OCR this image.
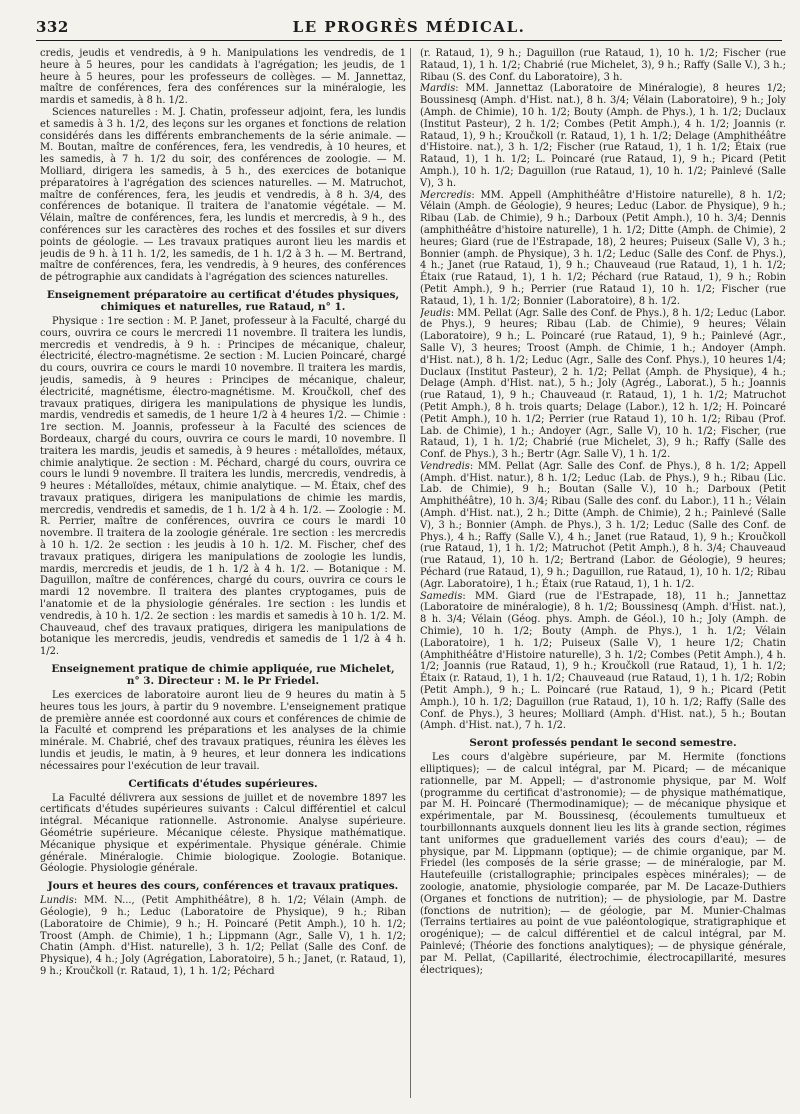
332	LE PROGRÈS MÉDICAL.

credis, jeudis et vendredis, à 9 h. Manipulations les vendredis, de 1 heure à 5 heures, pour les candidats à l'agrégation; les jeudis, de 1 heure à 5 heures, pour les professeurs de collèges. — M. Jannettaz, maître de conférences, fera des conférences sur la minéralogie, les mardis et samedis, à 8 h. 1/2.

Sciences naturelles : M. J. Chatin, professeur adjoint, fera, les lundis et samedis à 3 h. 1/2, des leçons sur les organes et fonctions de relation considérés dans les différents embranchements de la série animale. — M. Boutan, maître de conférences, fera, les vendredis, à 10 heures, et les samedis, à 7 h. 1/2 du soir, des conférences de zoologie. — M. Molliard, dirigera les samedis, à 5 h., des exercices de botanique préparatoires à l'agrégation des sciences naturelles. — M. Matruchot, maître de conférences, fera, les jeudis et vendredis, à 8 h. 3/4, des conférences de botanique. Il traitera de l'anatomie végétale. — M. Vélain, maître de conférences, fera, les lundis et mercredis, à 9 h., des conférences sur les caractères des roches et des fossiles et sur divers points de géologie. — Les travaux pratiques auront lieu les mardis et jeudis de 9 h. à 11 h. 1/2, les samedis, de 1 h. 1/2 à 3 h. — M. Bertrand, maître de conférences, fera, les vendredis, à 9 heures, des conférences de pétrographie aux candidats à l'agrégation des sciences naturelles.

Enseignement préparatoire au certificat d'études physiques, chimiques et naturelles, rue Rataud, n° 1.

Physique : 1re section : M. P. Janet, professeur à la Faculté, chargé du cours, ouvrira ce cours le mercredi 11 novembre. Il traitera les lundis, mercredis et vendredis, à 9 h. : Principes de mécanique, chaleur, électricité, électro-magnétisme. 2e section : M. Lucien Poincaré, chargé du cours, ouvrira ce cours le mardi 10 novembre. Il traitera les mardis, jeudis, samedis, à 9 heures : Principes de mécanique, chaleur, électricité, magnétisme, électro-magnétisme. M. Kroučkoll, chef des travaux pratiques, dirigera les manipulations de physique les lundis, mardis, vendredis et samedis, de 1 heure 1/2 à 4 heures 1/2. — Chimie : 1re section. M. Joannis, professeur à la Faculté des sciences de Bordeaux, chargé du cours, ouvrira ce cours le mardi, 10 novembre. Il traitera les mardis, jeudis et samedis, à 9 heures : métalloïdes, métaux, chimie analytique. 2e section : M. Péchard, chargé du cours, ouvrira ce cours le lundi 9 novembre. Il traitera les lundis, mercredis, vendredis, à 9 heures : Métalloïdes, métaux, chimie analytique. — M. Étaix, chef des travaux pratiques, dirigera les manipulations de chimie les mardis, mercredis, vendredis et samedis, de 1 h. 1/2 à 4 h. 1/2. — Zoologie : M. R. Perrier, maître de conférences, ouvrira ce cours le mardi 10 novembre. Il traitera de la zoologie générale. 1re section : les mercredis à 10 h. 1/2. 2e section : les jeudis à 10 h. 1/2. M. Fischer, chef des travaux pratiques, dirigera les manipulations de zoologie les lundis, mardis, mercredis et jeudis, de 1 h. 1/2 à 4 h. 1/2. — Botanique : M. Daguillon, maître de conférences, chargé du cours, ouvrira ce cours le mardi 12 novembre. Il traitera des plantes cryptogames, puis de l'anatomie et de la physiologie générales. 1re section : les lundis et vendredis, à 10 h. 1/2. 2e section : les mardis et samedis à 10 h. 1/2. M. Chauveaud, chef des travaux pratiques, dirigera les manipulations de botanique les mercredis, jeudis, vendredis et samedis de 1 1/2 à 4 h. 1/2.

Enseignement pratique de chimie appliquée, rue Michelet, n° 3. Directeur : M. le Pr Friedel.

Les exercices de laboratoire auront lieu de 9 heures du matin à 5 heures tous les jours, à partir du 9 novembre. L'enseignement pratique de première année est coordonné aux cours et conférences de chimie de la Faculté et comprend les préparations et les analyses de la chimie minérale. M. Chabrié, chef des travaux pratiques, réunira les élèves les lundis et jeudis, le matin, à 9 heures, et leur donnera les indications nécessaires pour l'exécution de leur travail.

Certificats d'études supérieures.

La Faculté délivrera aux sessions de juillet et de novembre 1897 les certificats d'études supérieures suivants : Calcul différentiel et calcul intégral. Mécanique rationnelle. Astronomie. Analyse supérieure. Géométrie supérieure. Mécanique céleste. Physique mathématique. Mécanique physique et expérimentale. Physique générale. Chimie générale. Minéralogie. Chimie biologique. Zoologie. Botanique. Géologie. Physiologie générale.

Jours et heures des cours, conférences et travaux pratiques.

Lundis: MM. N..., (Petit Amphithéâtre), 8 h. 1/2; Vélain (Amph. de Géologie), 9 h.; Leduc (Laboratoire de Physique), 9 h.; Riban (Laboratoire de Chimie), 9 h.; H. Poincaré (Petit Amph.), 10 h. 1/2; Troost (Amph. de Chimie), 1 h.; Lippmann (Agr., Salle V), 1 h. 1/2; Chatin (Amph. d'Hist. naturelle), 3 h. 1/2; Pellat (Salle des Conf. de Physique), 4 h.; Joly (Agrégation, Laboratoire), 5 h.; Janet, (r. Rataud, 1), 9 h.; Kroučkoll (r. Rataud, 1), 1 h. 1/2; Péchard

(r. Rataud, 1), 9 h.; Daguillon (rue Rataud, 1), 10 h. 1/2; Fischer (rue Rataud, 1), 1 h. 1/2; Chabrié (rue Michelet, 3), 9 h.; Raffy (Salle V.), 3 h.; Ribau (S. des Conf. du Laboratoire), 3 h.

Mardis: MM. Jannettaz (Laboratoire de Minéralogie), 8 heures 1/2; Boussinesq (Amph. d'Hist. nat.), 8 h. 3/4; Vélain (Laboratoire), 9 h.; Joly (Amph. de Chimie), 10 h. 1/2; Bouty (Amph. de Phys.), 1 h. 1/2; Duclaux (Institut Pasteur), 2 h. 1/2; Combes (Petit Amph.), 4 h. 1/2; Joannis (r. Rataud, 1), 9 h.; Kroučkoll (r. Rataud, 1), 1 h. 1/2; Delage (Amphithéâtre d'Histoire. nat.), 3 h. 1/2; Fischer (rue Rataud, 1), 1 h. 1/2; Étaix (rue Rataud, 1), 1 h. 1/2; L. Poincaré (rue Rataud, 1), 9 h.; Picard (Petit Amph.), 10 h. 1/2; Daguillon (rue Rataud, 1), 10 h. 1/2; Painlevé (Salle V), 3 h.

Mercredis: MM. Appell (Amphithéâtre d'Histoire naturelle), 8 h. 1/2; Vélain (Amph. de Géologie), 9 heures; Leduc (Labor. de Physique), 9 h.; Ribau (Lab. de Chimie), 9 h.; Darboux (Petit Amph.), 10 h. 3/4; Dennis (amphithéâtre d'histoire naturelle), 1 h. 1/2; Ditte (Amph. de Chimie), 2 heures; Giard (rue de l'Estrapade, 18), 2 heures; Puiseux (Salle V), 3 h.; Bonnier (amph. de Physique), 3 h. 1/2; Leduc (Salle des Conf. de Phys.), 4 h.; Janet (rue Rataud, 1), 9 h.; Chauveaud (rue Rataud, 1), 1 h. 1/2; Étaix (rue Rataud, 1), 1 h. 1/2; Péchard (rue Rataud, 1), 9 h.; Robin (Petit Amph.), 9 h.; Perrier (rue Rataud 1), 10 h. 1/2; Fischer (rue Rataud, 1), 1 h. 1/2; Bonnier (Laboratoire), 8 h. 1/2.

Jeudis: MM. Pellat (Agr. Salle des Conf. de Phys.), 8 h. 1/2; Leduc (Labor. de Phys.), 9 heures; Ribau (Lab. de Chimie), 9 heures; Vélain (Laboratoire), 9 h.; L. Poincaré (rue Rataud, 1), 9 h.; Painlevé (Agr., Salle V), 3 heures; Troost (Amph. de Chimie, 1 h.; Andoyer (Amph. d'Hist. nat.), 8 h. 1/2; Leduc (Agr., Salle des Conf. Phys.), 10 heures 1/4; Duclaux (Institut Pasteur), 2 h. 1/2; Pellat (Amph. de Physique), 4 h.; Delage (Amph. d'Hist. nat.), 5 h.; Joly (Agrég., Laborat.), 5 h.; Joannis (rue Rataud, 1), 9 h.; Chauveaud (r. Rataud, 1), 1 h. 1/2; Matruchot (Petit Amph.), 8 h. trois quarts; Delage (Labor.), 12 h. 1/2; H. Poincaré (Petit Amph.), 10 h. 1/2; Perrier (rue Rataud 1), 10 h. 1/2; Ribau (Prof. Lab. de Chimie), 1 h.; Andoyer (Agr., Salle V), 10 h. 1/2; Fischer, (rue Rataud, 1), 1 h. 1/2; Chabrié (rue Michelet, 3), 9 h.; Raffy (Salle des Conf. de Phys.), 3 h.; Bertr (Agr. Salle V), 1 h. 1/2.

Vendredis: MM. Pellat (Agr. Salle des Conf. de Phys.), 8 h. 1/2; Appell (Amph. d'Hist. natur.), 8 h. 1/2; Leduc (Lab. de Phys.), 9 h.; Ribau (Lic. Lab. de Chimie), 9 h.; Boutan (Salle V.), 10 h.; Darboux (Petit Amphithéâtre), 10 h. 3/4; Ribau (Salle des conf. du Labor.), 11 h.; Vélain (Amph. d'Hist. nat.), 2 h.; Ditte (Amph. de Chimie), 2 h.; Painlevé (Salle V), 3 h.; Bonnier (Amph. de Phys.), 3 h. 1/2; Leduc (Salle des Conf. de Phys.), 4 h.; Raffy (Salle V.), 4 h.; Janet (rue Rataud, 1), 9 h.; Kroučkoll (rue Rataud, 1), 1 h. 1/2; Matruchot (Petit Amph.), 8 h. 3/4; Chauveaud (rue Rataud, 1), 10 h. 1/2; Bertrand (Labor. de Géologie), 9 heures; Péchard (rue Rataud, 1), 9 h.; Daguillon, rue Rataud, 1), 10 h. 1/2; Ribau (Agr. Laboratoire), 1 h.; Étaix (rue Rataud, 1), 1 h. 1/2.

Samedis: MM. Giard (rue de l'Estrapade, 18), 11 h.; Jannettaz (Laboratoire de minéralogie), 8 h. 1/2; Boussinesq (Amph. d'Hist. nat.), 8 h. 3/4; Vélain (Géog. phys. Amph. de Géol.), 10 h.; Joly (Amph. de Chimie), 10 h. 1/2; Bouty (Amph. de Phys.), 1 h. 1/2; Vélain (Laboratoire), 1 h. 1/2; Puiseux (Salle V), 1 heure 1/2; Chatin (Amphithéâtre d'Histoire naturelle), 3 h. 1/2; Combes (Petit Amph.), 4 h. 1/2; Joannis (rue Rataud, 1), 9 h.; Kroučkoll (rue Rataud, 1), 1 h. 1/2; Étaix (r. Rataud, 1), 1 h. 1/2; Chauveaud (rue Rataud, 1), 1 h. 1/2; Robin (Petit Amph.), 9 h.; L. Poincaré (rue Rataud, 1), 9 h.; Picard (Petit Amph.), 10 h. 1/2; Daguillon (rue Rataud, 1), 10 h. 1/2; Raffy (Salle des Conf. de Phys.), 3 heures; Molliard (Amph. d'Hist. nat.), 5 h.; Boutan (Amph. d'Hist. nat.), 7 h. 1/2.

Seront professés pendant le second semestre.

Les cours d'algèbre supérieure, par M. Hermite (fonctions elliptiques); — de calcul intégral, par M. Picard; — de mécanique rationnelle, par M. Appell; — d'astronomie physique, par M. Wolf (programme du certificat d'astronomie); — de physique mathématique, par M. H. Poincaré (Thermodinamique); — de mécanique physique et expérimentale, par M. Boussinesq, (écoulements tumultueux et tourbillonnants auxquels donnent lieu les lits à grande section, régimes tant uniformes que graduellement variés des cours d'eau); — de physique, par M. Lippmann (optique); — de chimie organique, par M. Friedel (les composés de la série grasse; — de minéralogie, par M. Hautefeuille (cristallographie; principales espèces minérales); — de zoologie, anatomie, physiologie comparée, par M. De Lacaze-Duthiers (Organes et fonctions de nutrition); — de physiologie, par M. Dastre (fonctions de nutrition); — de géologie, par M. Munier-Chalmas (Terrains tertiaires au point de vue paléontologique, stratigraphique et orogénique); — de calcul différentiel et de calcul intégral, par M. Painlevé; (Théorie des fonctions analytiques); — de physique générale, par M. Pellat, (Capillarité, électrochimie, électrocapillarité, mesures électriques);
